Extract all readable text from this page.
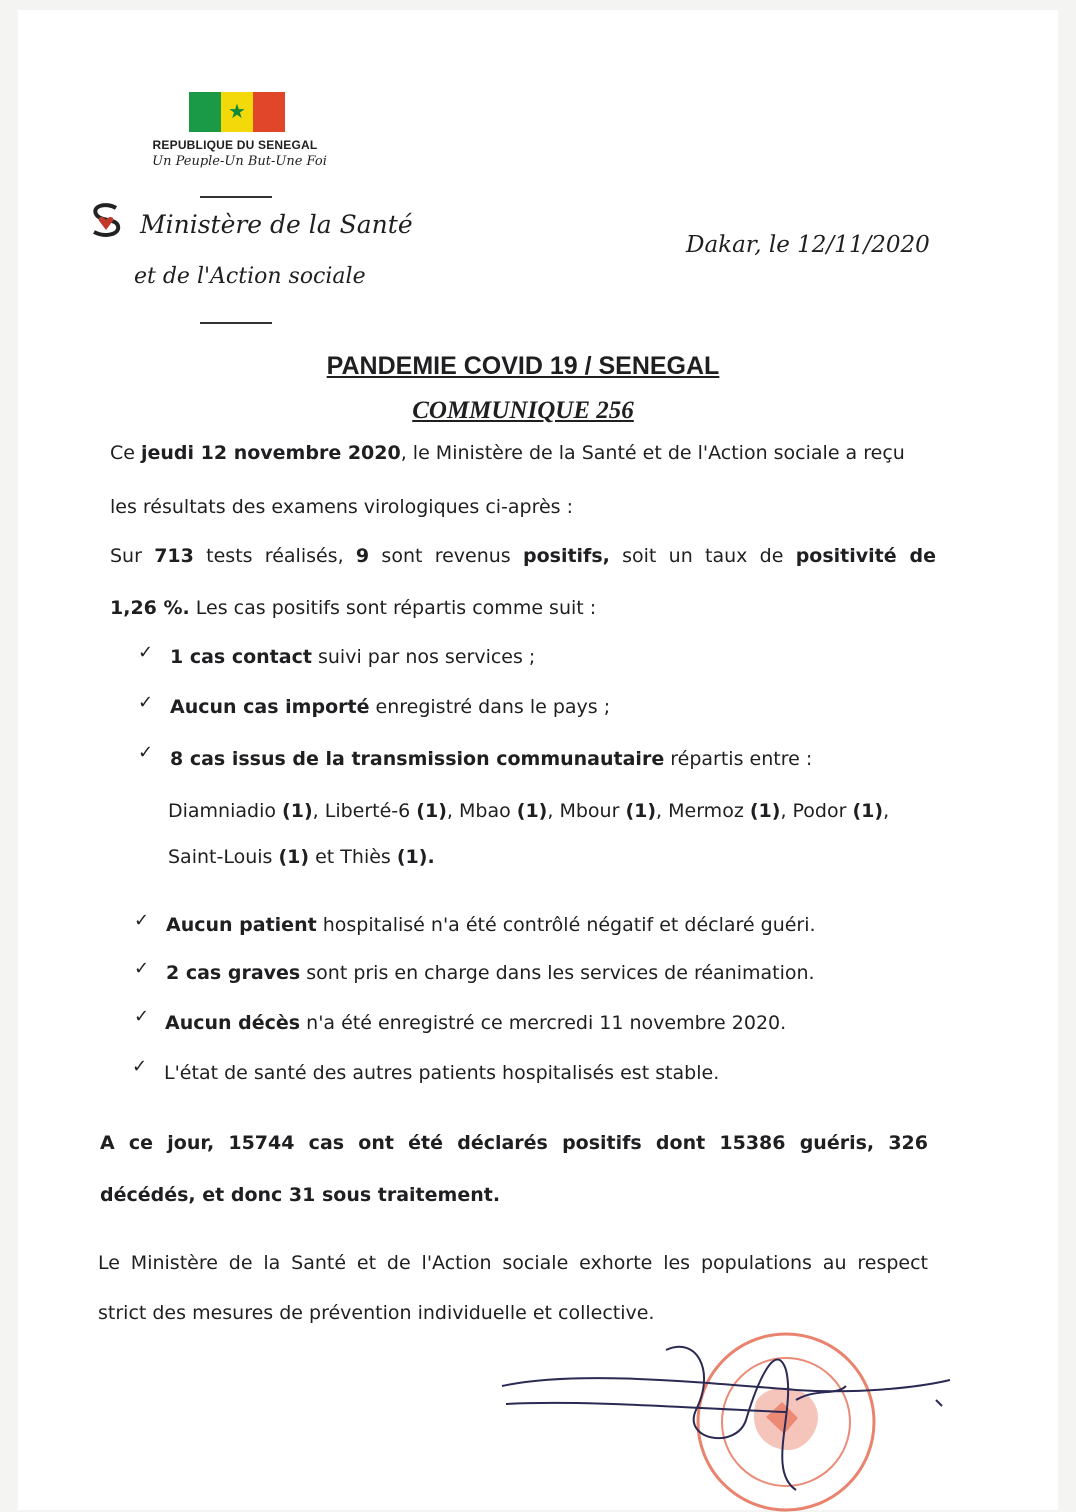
★
REPUBLIQUE DU SENEGAL
Un Peuple-Un But-Une Foi
Ministère de la Santé
et de l'Action sociale
Dakar, le 12/11/2020
PANDEMIE COVID 19 / SENEGAL
COMMUNIQUE 256
Ce jeudi 12 novembre 2020, le Ministère de la Santé et de l'Action sociale a reçu
les résultats des examens virologiques ci-après :
Sur 713 tests réalisés, 9 sont revenus positifs, soit un taux de positivité de
1,26 %. Les cas positifs sont répartis comme suit :
✓ 1 cas contact suivi par nos services ;
✓ Aucun cas importé enregistré dans le pays ;
✓ 8 cas issus de la transmission communautaire répartis entre :
Diamniadio (1), Liberté-6 (1), Mbao (1), Mbour (1), Mermoz (1), Podor (1),
Saint-Louis (1) et Thiès (1).
✓ Aucun patient hospitalisé n'a été contrôlé négatif et déclaré guéri.
✓ 2 cas graves sont pris en charge dans les services de réanimation.
✓ Aucun décès n'a été enregistré ce mercredi 11 novembre 2020.
✓ L'état de santé des autres patients hospitalisés est stable.
A ce jour, 15744 cas ont été déclarés positifs dont 15386 guéris, 326
décédés, et donc 31 sous traitement.
Le Ministère de la Santé et de l'Action sociale exhorte les populations au respect
strict des mesures de prévention individuelle et collective.
